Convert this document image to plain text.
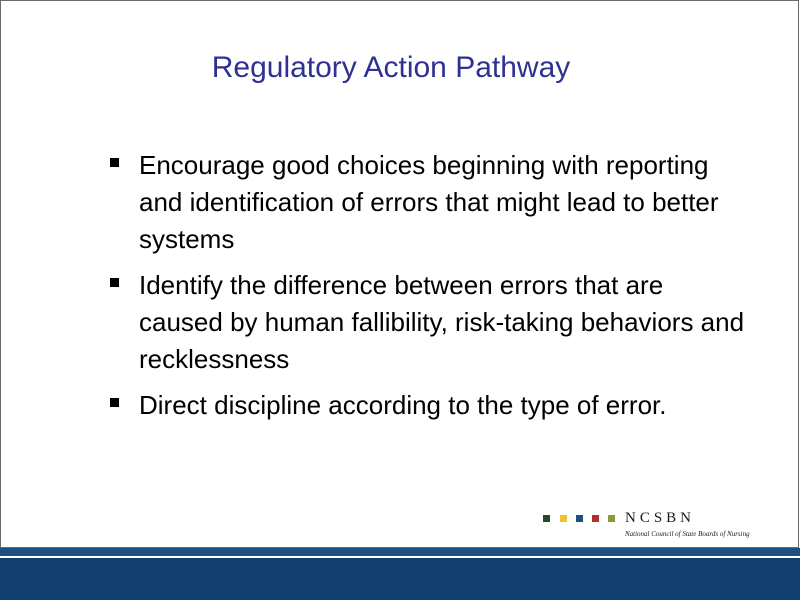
Regulatory Action Pathway
Encourage good choices beginning with reporting and identification of errors that might lead to better systems
Identify the difference between errors that are caused by human fallibility, risk-taking behaviors and recklessness
Direct discipline according to the type of error.
NCSBN
National Council of State Boards of Nursing
